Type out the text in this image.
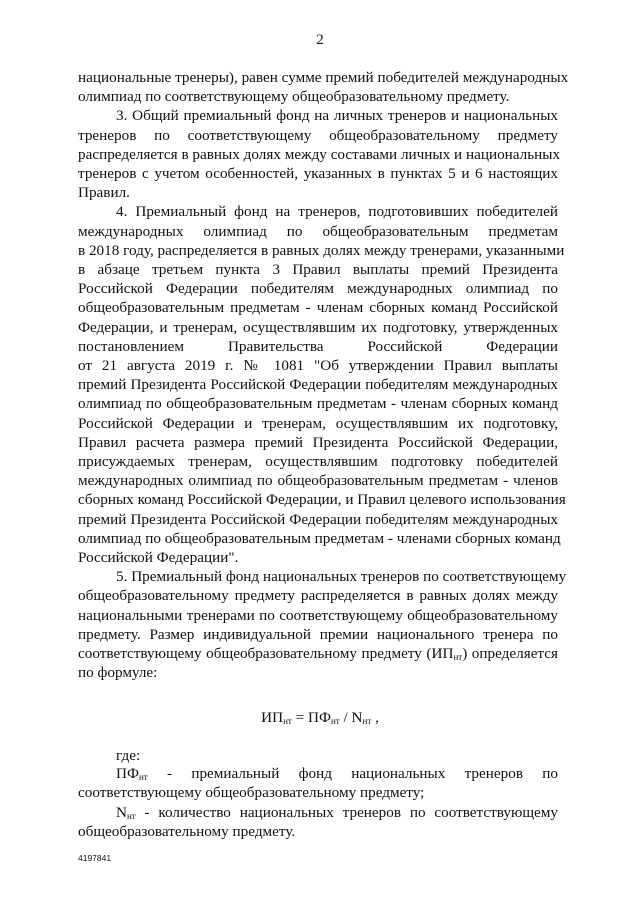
2
национальные тренеры), равен сумме премий победителей международных
олимпиад по соответствующему общеобразовательному предмету.
3. Общий премиальный фонд на личных тренеров и национальных
тренеров по соответствующему общеобразовательному предмету
распределяется в равных долях между составами личных и национальных
тренеров с учетом особенностей, указанных в пунктах 5 и 6 настоящих
Правил.
4. Премиальный фонд на тренеров, подготовивших победителей
международных олимпиад по общеобразовательным предметам
в 2018 году, распределяется в равных долях между тренерами, указанными
в абзаце третьем пункта 3 Правил выплаты премий Президента
Российской Федерации победителям международных олимпиад по
общеобразовательным предметам - членам сборных команд Российской
Федерации, и тренерам, осуществлявшим их подготовку, утвержденных
постановлением Правительства Российской Федерации
от 21 августа 2019 г. № 1081 "Об утверждении Правил выплаты
премий Президента Российской Федерации победителям международных
олимпиад по общеобразовательным предметам - членам сборных команд
Российской Федерации и тренерам, осуществлявшим их подготовку,
Правил расчета размера премий Президента Российской Федерации,
присуждаемых тренерам, осуществлявшим подготовку победителей
международных олимпиад по общеобразовательным предметам - членов
сборных команд Российской Федерации, и Правил целевого использования
премий Президента Российской Федерации победителям международных
олимпиад по общеобразовательным предметам - членами сборных команд
Российской Федерации".
5. Премиальный фонд национальных тренеров по соответствующему
общеобразовательному предмету распределяется в равных долях между
национальными тренерами по соответствующему общеобразовательному
предмету. Размер индивидуальной премии национального тренера по
соответствующему общеобразовательному предмету $(ИП_{нт})$ определяется
по формуле:
$ИП_{нт} = ПФ_{нт} / N_{нт}$ ,
где:
$ПФ_{нт}$ - премиальный фонд национальных тренеров по
соответствующему общеобразовательному предмету;
$N_{нт}$ - количество национальных тренеров по соответствующему
общеобразовательному предмету.
4197841
